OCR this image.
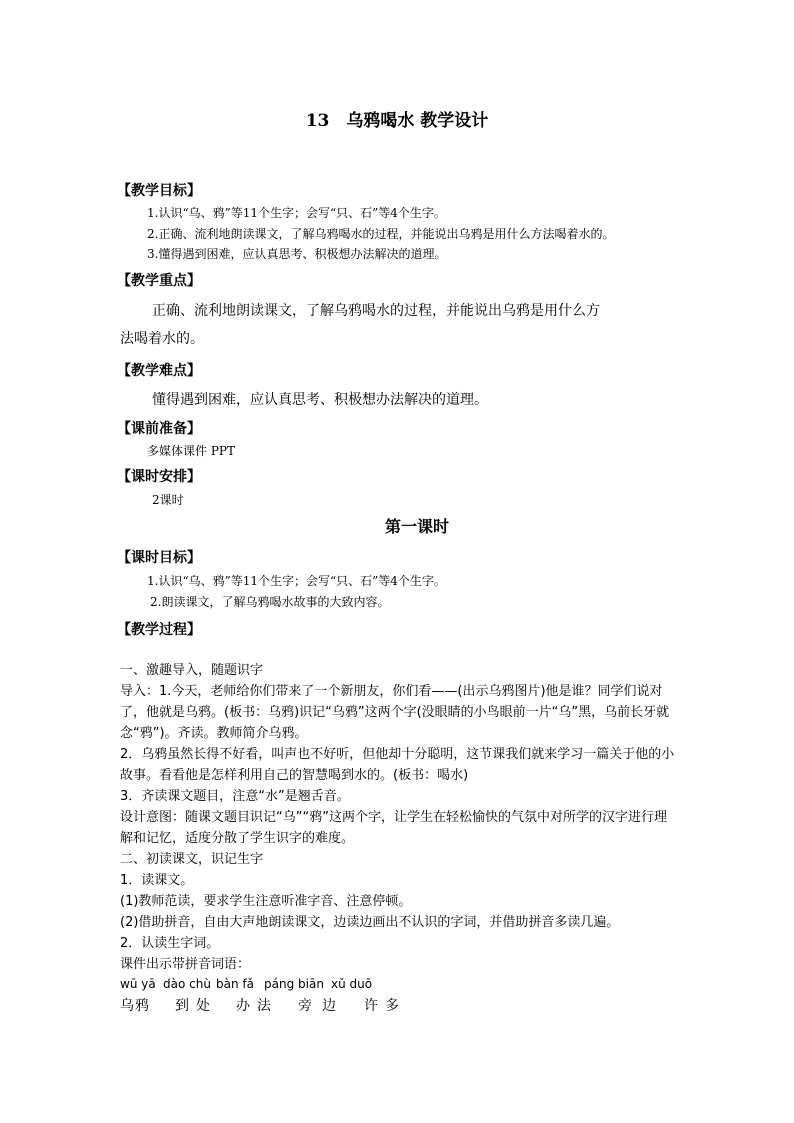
13　乌鸦喝水 教学设计
【教学目标】
1.认识“乌、鸦”等11个生字；会写“只、石”等4个生字。
2.正确、流利地朗读课文，了解乌鸦喝水的过程，并能说出乌鸦是用什么方法喝着水的。
3.懂得遇到困难，应认真思考、积极想办法解决的道理。
【教学重点】
正确、流利地朗读课文，了解乌鸦喝水的过程，并能说出乌鸦是用什么方
法喝着水的。
【教学难点】
懂得遇到困难，应认真思考、积极想办法解决的道理。
【课前准备】
多媒体课件 PPT
【课时安排】
2课时
第一课时
【课时目标】
1.认识“乌、鸦”等11个生字；会写“只、石”等4个生字。
2.朗读课文，了解乌鸦喝水故事的大致内容。
【教学过程】
一、激趣导入，随题识字
导入：1.今天，老师给你们带来了一个新朋友，你们看——(出示乌鸦图片)他是谁？同学们说对了，他就是乌鸦。(板书：乌鸦)识记“乌鸦”这两个字(没眼睛的小鸟眼前一片“乌”黑，乌前长牙就念“鸦”)。齐读。教师简介乌鸦。
2．乌鸦虽然长得不好看，叫声也不好听，但他却十分聪明，这节课我们就来学习一篇关于他的小故事。看看他是怎样利用自己的智慧喝到水的。(板书：喝水)
3．齐读课文题目，注意“水”是翘舌音。
设计意图：随课文题目识记“乌”“鸦”这两个字，让学生在轻松愉快的气氛中对所学的汉字进行理解和记忆，适度分散了学生识字的难度。
二、初读课文，识记生字
1．读课文。
(1)教师范读，要求学生注意听准字音、注意停顿。
(2)借助拼音，自由大声地朗读课文，边读边画出不认识的字词，并借助拼音多读几遍。
2．认读生字词。
课件出示带拼音词语：
wū yā dào chù bàn fǎ páng biān xǔ duō
乌鸦 到处 办法 旁边 许多
